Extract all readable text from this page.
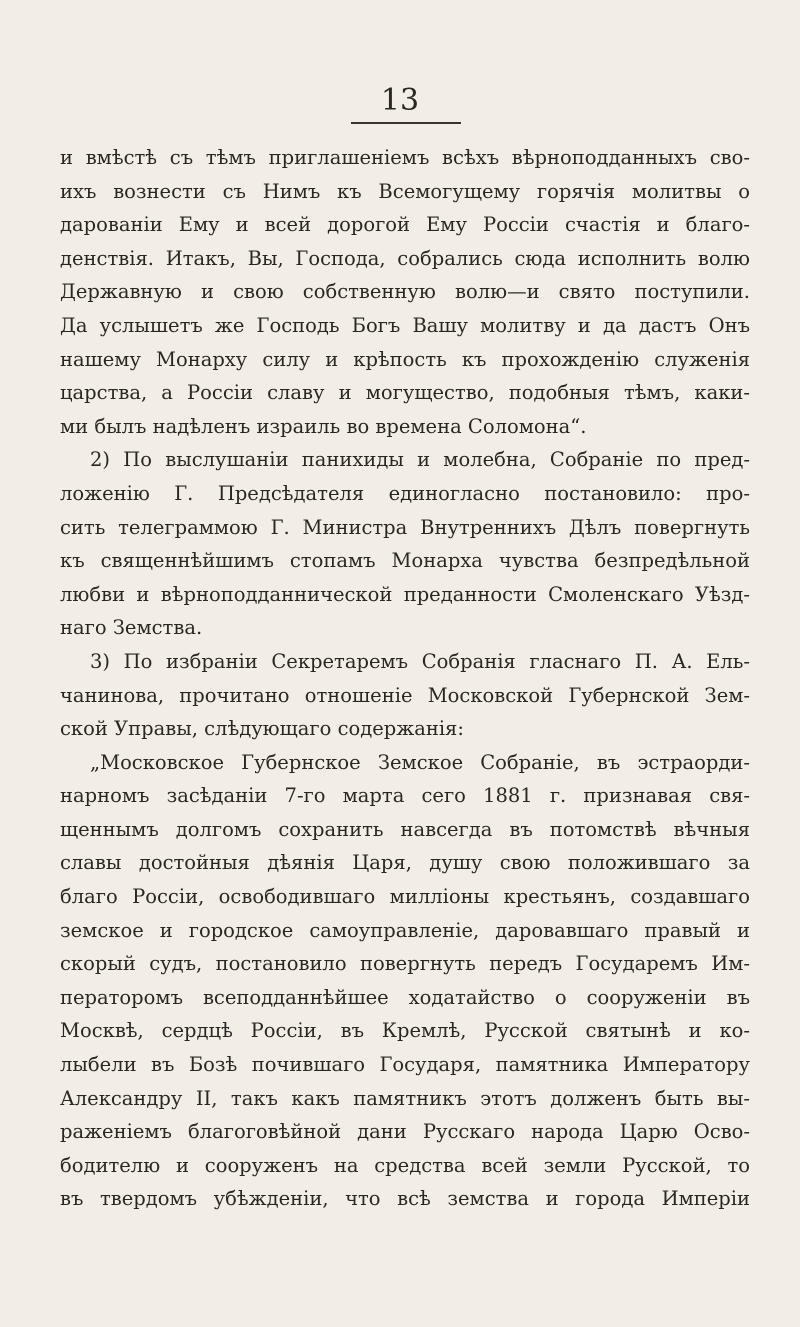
13
и вмѣстѣ съ тѣмъ приглашеніемъ всѣхъ вѣрноподданныхъ сво-
ихъ вознести съ Нимъ къ Всемогущему горячія молитвы о
дарованіи Ему и всей дорогой Ему Россіи счастія и благо-
денствія. Итакъ, Вы, Господа, собрались сюда исполнить волю
Державную и свою собственную волю—и свято поступили.
Да услышетъ же Господь Богъ Вашу молитву и да дастъ Онъ
нашему Монарху силу и крѣпость къ прохожденію служенія
царства, а Россіи славу и могущество, подобныя тѣмъ, каки-
ми былъ надѣленъ израиль во времена Соломона“.
2) По выслушаніи панихиды и молебна, Собраніе по пред-
ложенію Г. Предсѣдателя единогласно постановило: про-
сить телеграммою Г. Министра Внутреннихъ Дѣлъ повергнуть
къ священнѣйшимъ стопамъ Монарха чувства безпредѣльной
любви и вѣрноподданнической преданности Смоленскаго Уѣзд-
наго Земства.
3) По избраніи Секретаремъ Собранія гласнаго П. А. Ель-
чанинова, прочитано отношеніе Московской Губернской Зем-
ской Управы, слѣдующаго содержанія:
„Московское Губернское Земское Собраніе, въ эстраорди-
нарномъ засѣданіи 7-го марта сего 1881 г. признавая свя-
щеннымъ долгомъ сохранить навсегда въ потомствѣ вѣчныя
славы достойныя дѣянія Царя, душу свою положившаго за
благо Россіи, освободившаго милліоны крестьянъ, создавшаго
земское и городское самоуправленіе, даровавшаго правый и
скорый судъ, постановило повергнуть передъ Государемъ Им-
ператоромъ всеподданнѣйшее ходатайство о сооруженіи въ
Москвѣ, сердцѣ Россіи, въ Кремлѣ, Русской святынѣ и ко-
лыбели въ Бозѣ почившаго Государя, памятника Императору
Александру II, такъ какъ памятникъ этотъ долженъ быть вы-
раженіемъ благоговѣйной дани Русскаго народа Царю Осво-
бодителю и сооруженъ на средства всей земли Русской, то
въ твердомъ убѣжденіи, что всѣ земства и города Имперіи
